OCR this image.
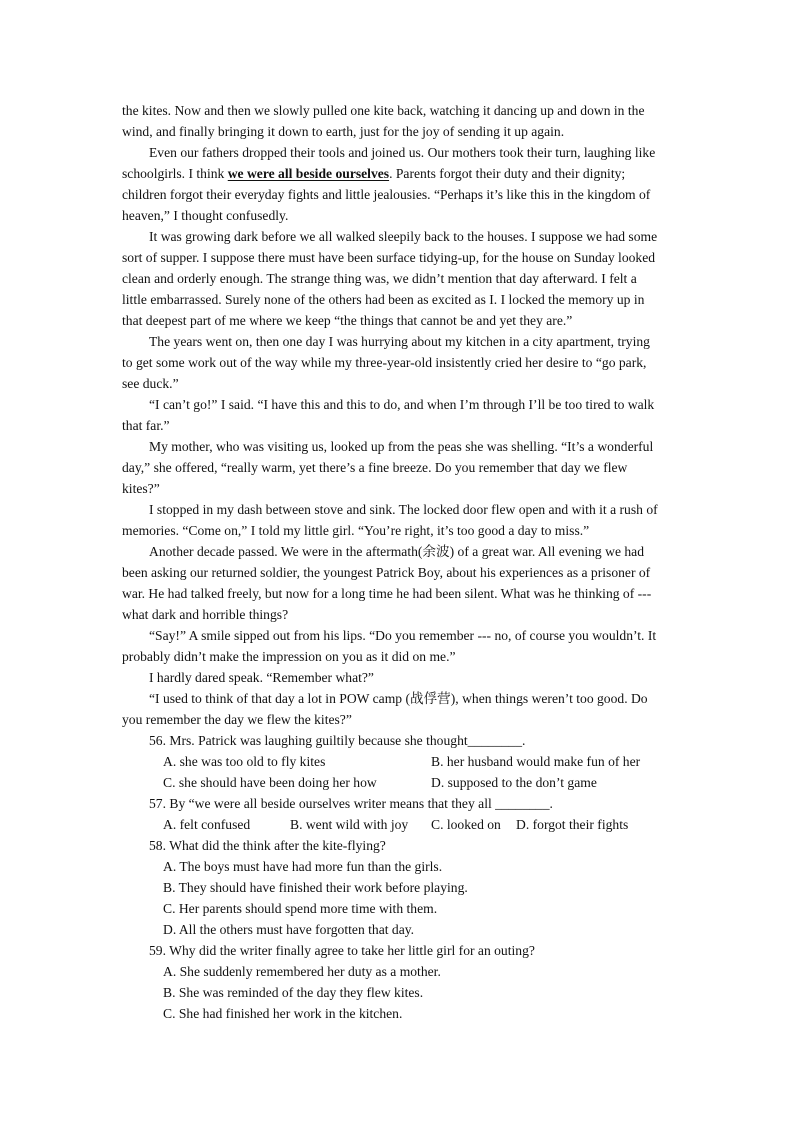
the kites. Now and then we slowly pulled one kite back, watching it dancing up and down in the
wind, and finally bringing it down to earth, just for the joy of sending it up again.
Even our fathers dropped their tools and joined us. Our mothers took their turn, laughing like
schoolgirls. I think we were all beside ourselves. Parents forgot their duty and their dignity;
children forgot their everyday fights and little jealousies. “Perhaps it’s like this in the kingdom of
heaven,” I thought confusedly.
It was growing dark before we all walked sleepily back to the houses. I suppose we had some
sort of supper. I suppose there must have been surface tidying-up, for the house on Sunday looked
clean and orderly enough. The strange thing was, we didn’t mention that day afterward. I felt a
little embarrassed. Surely none of the others had been as excited as I. I locked the memory up in
that deepest part of me where we keep “the things that cannot be and yet they are.”
The years went on, then one day I was hurrying about my kitchen in a city apartment, trying
to get some work out of the way while my three-year-old insistently cried her desire to “go park,
see duck.”
“I can’t go!” I said. “I have this and this to do, and when I’m through I’ll be too tired to walk
that far.”
My mother, who was visiting us, looked up from the peas she was shelling. “It’s a wonderful
day,” she offered, “really warm, yet there’s a fine breeze. Do you remember that day we flew
kites?”
I stopped in my dash between stove and sink. The locked door flew open and with it a rush of
memories. “Come on,” I told my little girl. “You’re right, it’s too good a day to miss.”
Another decade passed. We were in the aftermath(余波) of a great war. All evening we had
been asking our returned soldier, the youngest Patrick Boy, about his experiences as a prisoner of
war. He had talked freely, but now for a long time he had been silent. What was he thinking of ---
what dark and horrible things?
“Say!” A smile sipped out from his lips. “Do you remember --- no, of course you wouldn’t. It
probably didn’t make the impression on you as it did on me.”
I hardly dared speak. “Remember what?”
“I used to think of that day a lot in POW camp (战俘营), when things weren’t too good. Do
you remember the day we flew the kites?”
56. Mrs. Patrick was laughing guiltily because she thought________.
A. she was too old to fly kites	B. her husband would make fun of her
C. she should have been doing her how	D. supposed to the don’t game
57. By “we were all beside ourselves writer means that they all ________.
A. felt confused	B. went wild with joy C. looked on D. forgot their fights
58. What did the think after the kite-flying?
A. The boys must have had more fun than the girls.
B. They should have finished their work before playing.
C. Her parents should spend more time with them.
D. All the others must have forgotten that day.
59. Why did the writer finally agree to take her little girl for an outing?
A. She suddenly remembered her duty as a mother.
B. She was reminded of the day they flew kites.
C. She had finished her work in the kitchen.
